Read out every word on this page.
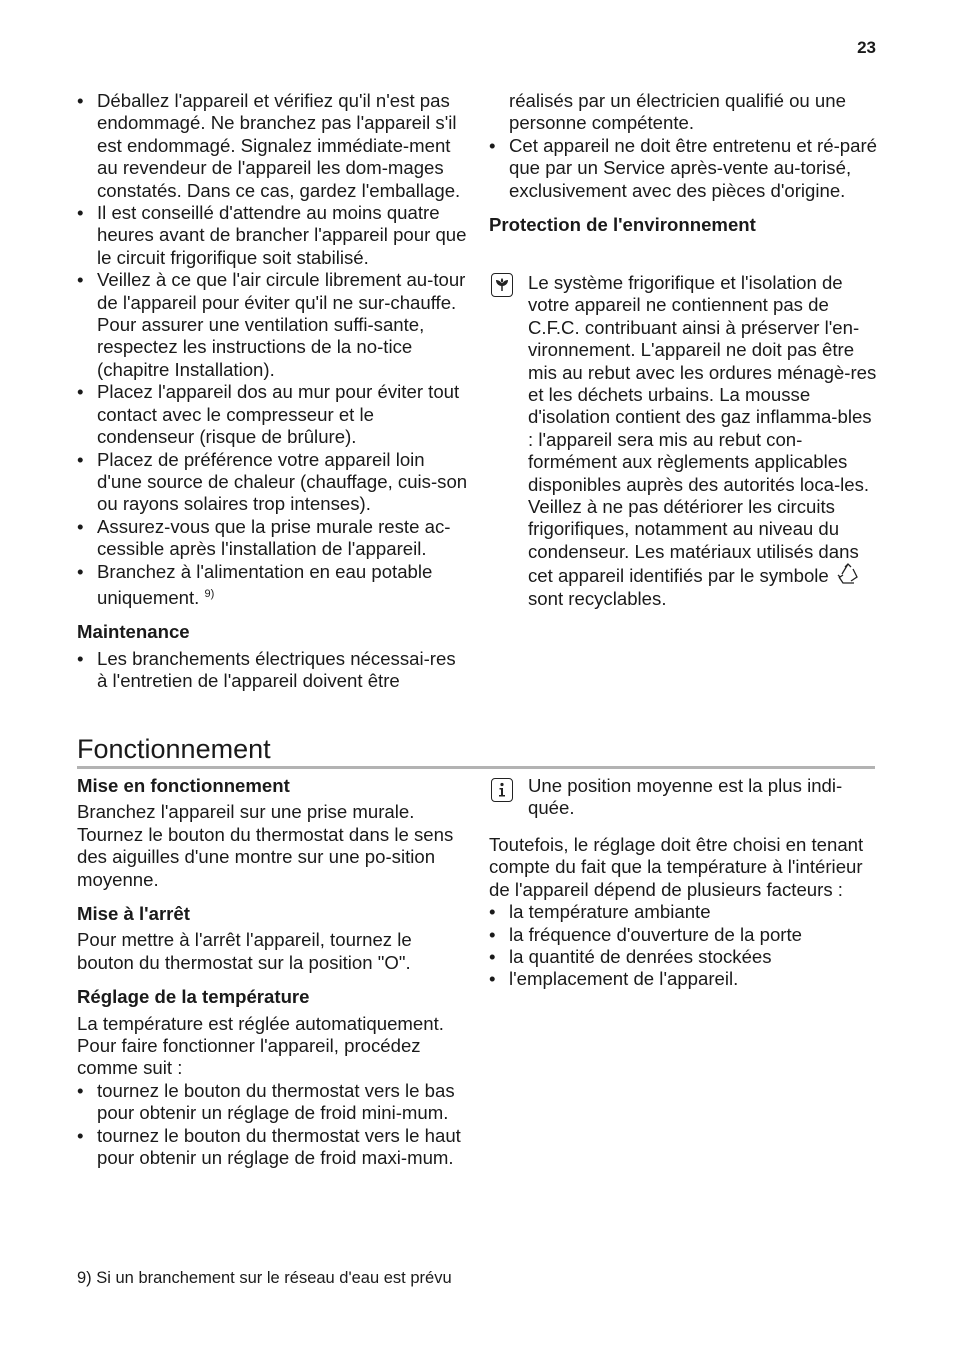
23
• Déballez l'appareil et vérifiez qu'il n'est pas endommagé. Ne branchez pas l'appareil s'il est endommagé. Signalez immédiate-ment au revendeur de l'appareil les dom-mages constatés. Dans ce cas, gardez l'emballage.
• Il est conseillé d'attendre au moins quatre heures avant de brancher l'appareil pour que le circuit frigorifique soit stabilisé.
• Veillez à ce que l'air circule librement au-tour de l'appareil pour éviter qu'il ne sur-chauffe. Pour assurer une ventilation suffi-sante, respectez les instructions de la no-tice (chapitre Installation).
• Placez l'appareil dos au mur pour éviter tout contact avec le compresseur et le condenseur (risque de brûlure).
• Placez de préférence votre appareil loin d'une source de chaleur (chauffage, cuis-son ou rayons solaires trop intenses).
• Assurez-vous que la prise murale reste ac-cessible après l'installation de l'appareil.
• Branchez à l'alimentation en eau potable uniquement. $^{9)}$
Maintenance
• Les branchements électriques nécessai-res à l'entretien de l'appareil doivent être

réalisés par un électricien qualifié ou une personne compétente.

• Cet appareil ne doit être entretenu et ré-paré que par un Service après-vente au-torisé, exclusivement avec des pièces d'origine.
Protection de l'environnement

Le système frigorifique et l'isolation de votre appareil ne contiennent pas de C.F.C. contribuant ainsi à préserver l'en-vironnement. L'appareil ne doit pas être mis au rebut avec les ordures ménagè-res et les déchets urbains. La mousse d'isolation contient des gaz inflamma-bles : l'appareil sera mis au rebut con-formément aux règlements applicables disponibles auprès des autorités loca-les. Veillez à ne pas détériorer les circuits frigorifiques, notamment au niveau du condenseur. Les matériaux utilisés dans cet appareil identifiés par le symbole
sont recyclables.

Fonctionnement
Mise en fonctionnement

Branchez l'appareil sur une prise murale. Tournez le bouton du thermostat dans le sens des aiguilles d'une montre sur une po-sition moyenne.

Mise à l'arrêt

Pour mettre à l'arrêt l'appareil, tournez le bouton du thermostat sur la position "O".

Réglage de la température

La température est réglée automatiquement. Pour faire fonctionner l'appareil, procédez comme suit :

• tournez le bouton du thermostat vers le bas pour obtenir un réglage de froid mini-mum.
• tournez le bouton du thermostat vers le haut pour obtenir un réglage de froid maxi-mum.

Une position moyenne est la plus indi-quée.

Toutefois, le réglage doit être choisi en tenant compte du fait que la température à l'intérieur de l'appareil dépend de plusieurs facteurs :

• la température ambiante
• la fréquence d'ouverture de la porte
• la quantité de denrées stockées
• l'emplacement de l'appareil.
9) Si un branchement sur le réseau d'eau est prévu
